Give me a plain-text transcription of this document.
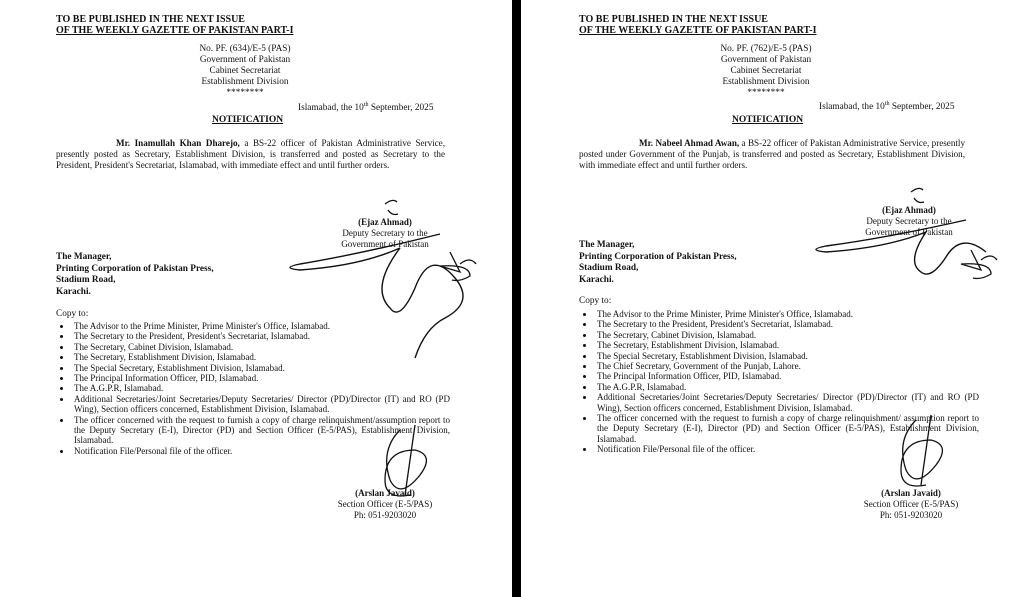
TO BE PUBLISHED IN THE NEXT ISSUE
OF THE WEEKLY GAZETTE OF PAKISTAN PART-I
No. PF. (634)/E-5 (PAS)
Government of Pakistan
Cabinet Secretariat
Establishment Division
********
Islamabad, the 10th September, 2025
NOTIFICATION
Mr. Inamullah Khan Dharejo, a BS-22 officer of Pakistan Administrative Service, presently posted as Secretary, Establishment Division, is transferred and posted as Secretary to the President, President's Secretariat, Islamabad, with immediate effect and until further orders.
(Ejaz Ahmad)
Deputy Secretary to the
Government of Pakistan
The Manager,
Printing Corporation of Pakistan Press,
Stadium Road,
Karachi.
Copy to:
• The Advisor to the Prime Minister, Prime Minister's Office, Islamabad.
• The Secretary to the President, President's Secretariat, Islamabad.
• The Secretary, Cabinet Division, Islamabad.
• The Secretary, Establishment Division, Islamabad.
• The Special Secretary, Establishment Division, Islamabad.
• The Principal Information Officer, PID, Islamabad.
• The A.G.P.R, Islamabad.
• Additional Secretaries/Joint Secretaries/Deputy Secretaries/ Director (PD)/Director (IT) and RO (PD Wing), Section officers concerned, Establishment Division, Islamabad.
• The officer concerned with the request to furnish a copy of charge relinquishment/assumption report to the Deputy Secretary (E-I), Director (PD) and Section Officer (E-5/PAS), Establishment Division, Islamabad.
• Notification File/Personal file of the officer.
(Arslan Javaid)
Section Officer (E-5/PAS)
Ph: 051-9203020
TO BE PUBLISHED IN THE NEXT ISSUE
OF THE WEEKLY GAZETTE OF PAKISTAN PART-I
No. PF. (762)/E-5 (PAS)
Government of Pakistan
Cabinet Secretariat
Establishment Division
********
Islamabad, the 10th September, 2025
NOTIFICATION
Mr. Nabeel Ahmad Awan, a BS-22 officer of Pakistan Administrative Service, presently posted under Government of the Punjab, is transferred and posted as Secretary, Establishment Division, with immediate effect and until further orders.
(Ejaz Ahmad)
Deputy Secretary to the
Government of Pakistan
The Manager,
Printing Corporation of Pakistan Press,
Stadium Road,
Karachi.
Copy to:
• The Advisor to the Prime Minister, Prime Minister's Office, Islamabad.
• The Secretary to the President, President's Secretariat, Islamabad.
• The Secretary, Cabinet Division, Islamabad.
• The Secretary, Establishment Division, Islamabad.
• The Special Secretary, Establishment Division, Islamabad.
• The Chief Secretary, Government of the Punjab, Lahore.
• The Principal Information Officer, PID, Islamabad.
• The A.G.P.R, Islamabad.
• Additional Secretaries/Joint Secretaries/Deputy Secretaries/ Director (PD)/Director (IT) and RO (PD Wing), Section officers concerned, Establishment Division, Islamabad.
• The officer concerned with the request to furnish a copy of charge relinquishment/ assumption report to the Deputy Secretary (E-I), Director (PD) and Section Officer (E-5/PAS), Establishment Division, Islamabad.
• Notification File/Personal file of the officer.
(Arslan Javaid)
Section Officer (E-5/PAS)
Ph: 051-9203020
